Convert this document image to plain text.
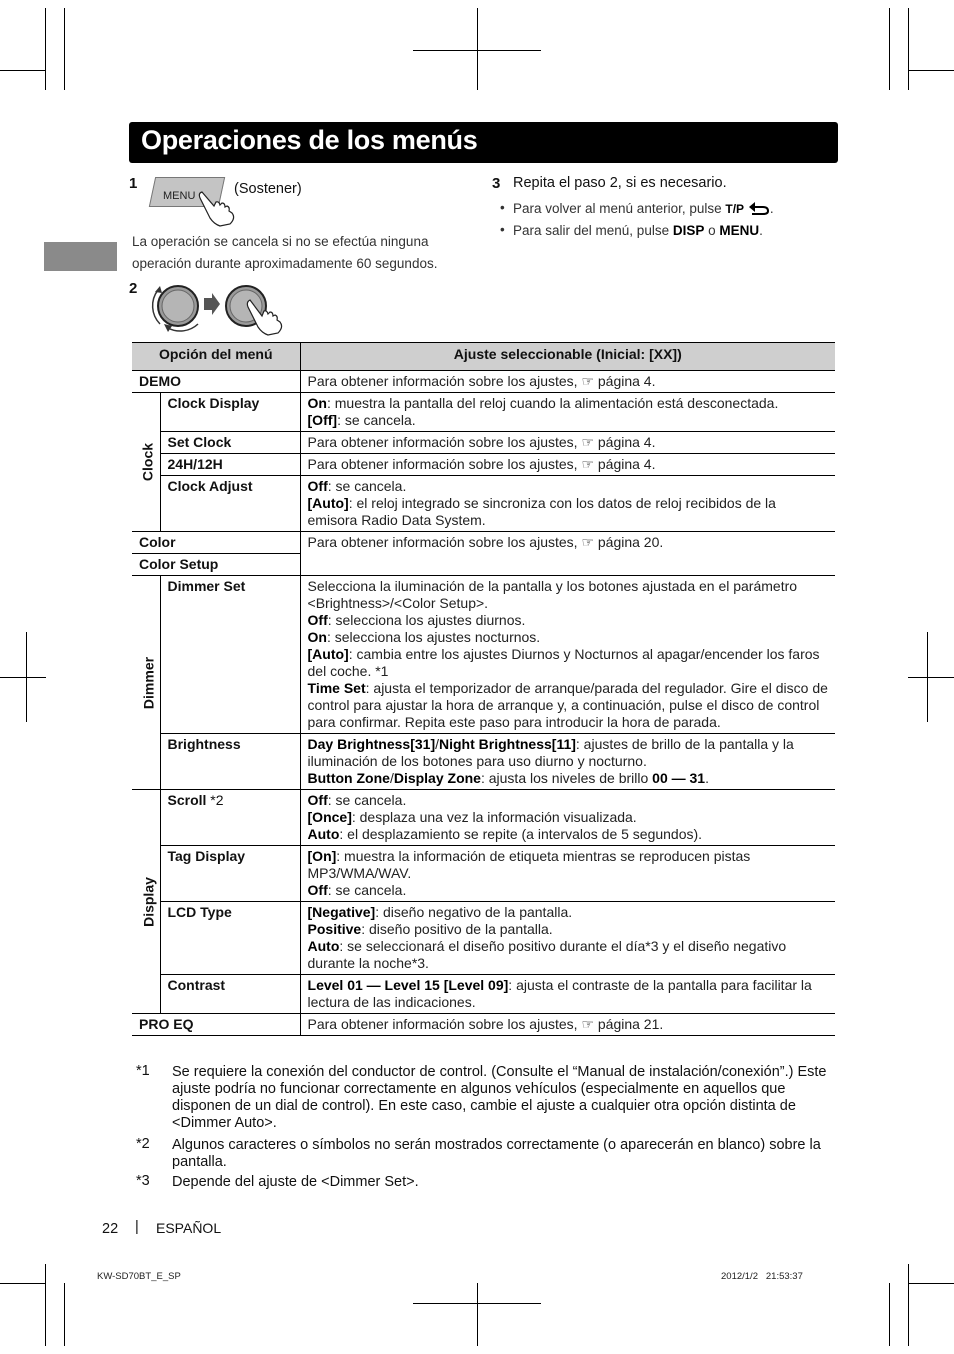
Operaciones de los menús
1
MENU	(Sostener)
La operación se cancela si no se efectúa ninguna operación durante aproximadamente 60 segundos.
2
3 Repita el paso 2, si es necesario.
• Para volver al menú anterior, pulse T/P .
• Para salir del menú, pulse DISP o MENU.
Opción del menú		Ajuste seleccionable (Inicial: [XX])
DEMO		Para obtener información sobre los ajustes, ☞ página 4.

Clock	Clock Display	On: muestra la pantalla del reloj cuando la alimentación está desconectada.
[Off]: se cancela.
	Set Clock	Para obtener información sobre los ajustes, ☞ página 4.
	24H/12H	Para obtener información sobre los ajustes, ☞ página 4.
	Clock Adjust	Off: se cancela.
[Auto]: el reloj integrado se sincroniza con los datos de reloj recibidos de la emisora Radio Data System.
Color		Para obtener información sobre los ajustes, ☞ página 20.
Color Setup		

Dimmer	Dimmer Set	Selecciona la iluminación de la pantalla y los botones ajustada en el parámetro <Brightness>/<Color Setup>.
Off: selecciona los ajustes diurnos.
On: selecciona los ajustes nocturnos.
[Auto]: cambia entre los ajustes Diurnos y Nocturnos al apagar/encender los faros del coche. *1
Time Set: ajusta el temporizador de arranque/parada del regulador. Gire el disco de control para ajustar la hora de arranque y, a continuación, pulse el disco de control para confirmar. Repita este paso para introducir la hora de parada.
	Brightness	Day Brightness[31]/Night Brightness[11]: ajustes de brillo de la pantalla y la iluminación de los botones para uso diurno y nocturno.
Button Zone/Display Zone: ajusta los niveles de brillo 00 — 31.

Display	Scroll *2	Off: se cancela.
[Once]: desplaza una vez la información visualizada.
Auto: el desplazamiento se repite (a intervalos de 5 segundos).
	Tag Display	[On]: muestra la información de etiqueta mientras se reproducen pistas MP3/WMA/WAV.
Off: se cancela.
	LCD Type	[Negative]: diseño negativo de la pantalla.
Positive: diseño positivo de la pantalla.
Auto: se seleccionará el diseño positivo durante el día*3 y el diseño negativo durante la noche*3.
	Contrast	Level 01 — Level 15 [Level 09]: ajusta el contraste de la pantalla para facilitar la lectura de las indicaciones.
PRO EQ		Para obtener información sobre los ajustes, ☞ página 21.
*1 Se requiere la conexión del conductor de control. (Consulte el “Manual de instalación/conexión”.) Este ajuste podría no funcionar correctamente en algunos vehículos (especialmente en aquellos que disponen de un dial de control). En este caso, cambie el ajuste a cualquier otra opción distinta de <Dimmer Auto>.
*2 Algunos caracteres o símbolos no serán mostrados correctamente (o aparecerán en blanco) sobre la pantalla.
*3 Depende del ajuste de <Dimmer Set>.
22 | ESPAÑOL
KW-SD70BT_E_SP	2012/1/2   21:53:37
